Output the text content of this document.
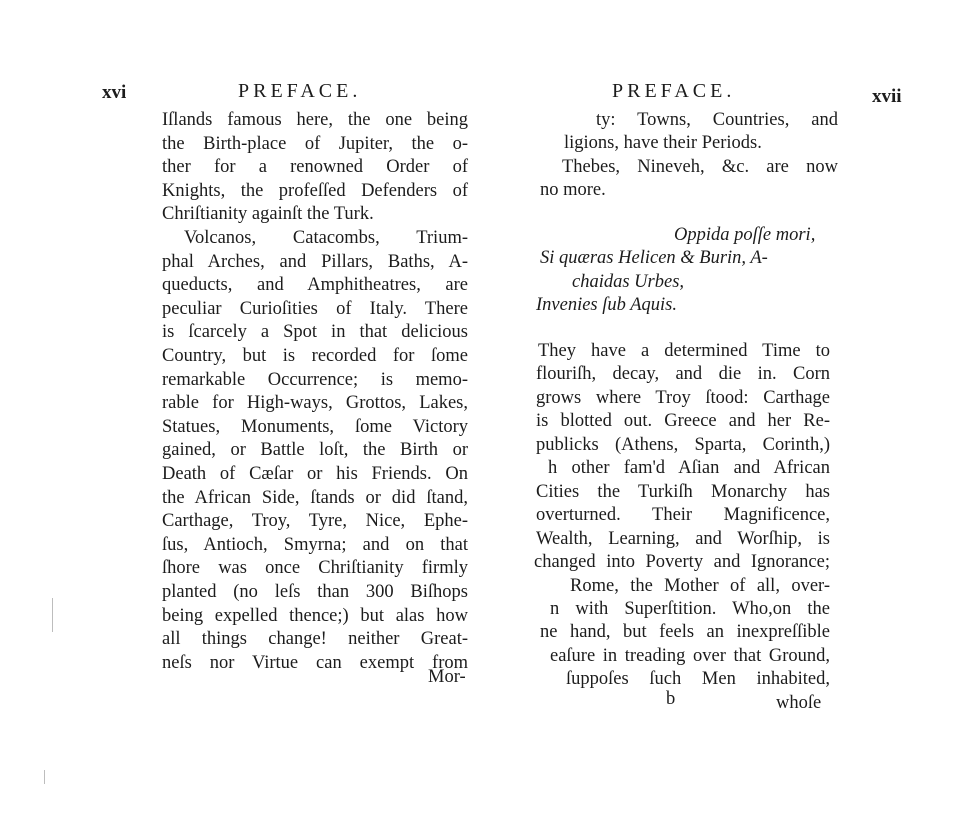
xvi	PREFACE.
Iſlands famous here, the one being
the Birth-place of Jupiter, the o-
ther for a renowned Order of
Knights, the profeſſed Defenders of
Chriſtianity againſt the Turk.
Volcanos, Catacombs, Trium-
phal Arches, and Pillars, Baths, A-
queducts, and Amphitheatres, are
peculiar Curioſities of Italy. There
is ſcarcely a Spot in that delicious
Country, but is recorded for ſome
remarkable Occurrence; is memo-
rable for High-ways, Grottos, Lakes,
Statues, Monuments, ſome Victory
gained, or Battle loſt, the Birth or
Death of Cæſar or his Friends. On
the African Side, ſtands or did ſtand,
Carthage, Troy, Tyre, Nice, Ephe-
ſus, Antioch, Smyrna; and on that
ſhore was once Chriſtianity firmly
planted (no leſs than 300 Biſhops
being expelled thence;) but alas how
all things change! neither Great-
neſs nor Virtue can exempt from
Mor-
PREFACE.	xvii
ty: Towns, Countries, and
ligions, have their Periods.
Thebes, Nineveh, &c. are now
no more.
Oppida poſſe mori,
Si quæras Helicen & Burin, A-
chaidas Urbes,
Invenies ſub Aquis.
They have a determined Time to
flouriſh, decay, and die in. Corn
grows where Troy ſtood: Carthage
is blotted out. Greece and her Re-
publicks (Athens, Sparta, Corinth,)
h other fam'd Aſian and African
Cities the Turkiſh Monarchy has
overturned. Their Magnificence,
Wealth, Learning, and Worſhip, is
changed into Poverty and Ignorance;
Rome, the Mother of all, over-
n with Superſtition. Who,on the
ne hand, but feels an inexpreſſible
eaſure in treading over that Ground,
ſuppoſes ſuch Men inhabited,
b	whoſe
